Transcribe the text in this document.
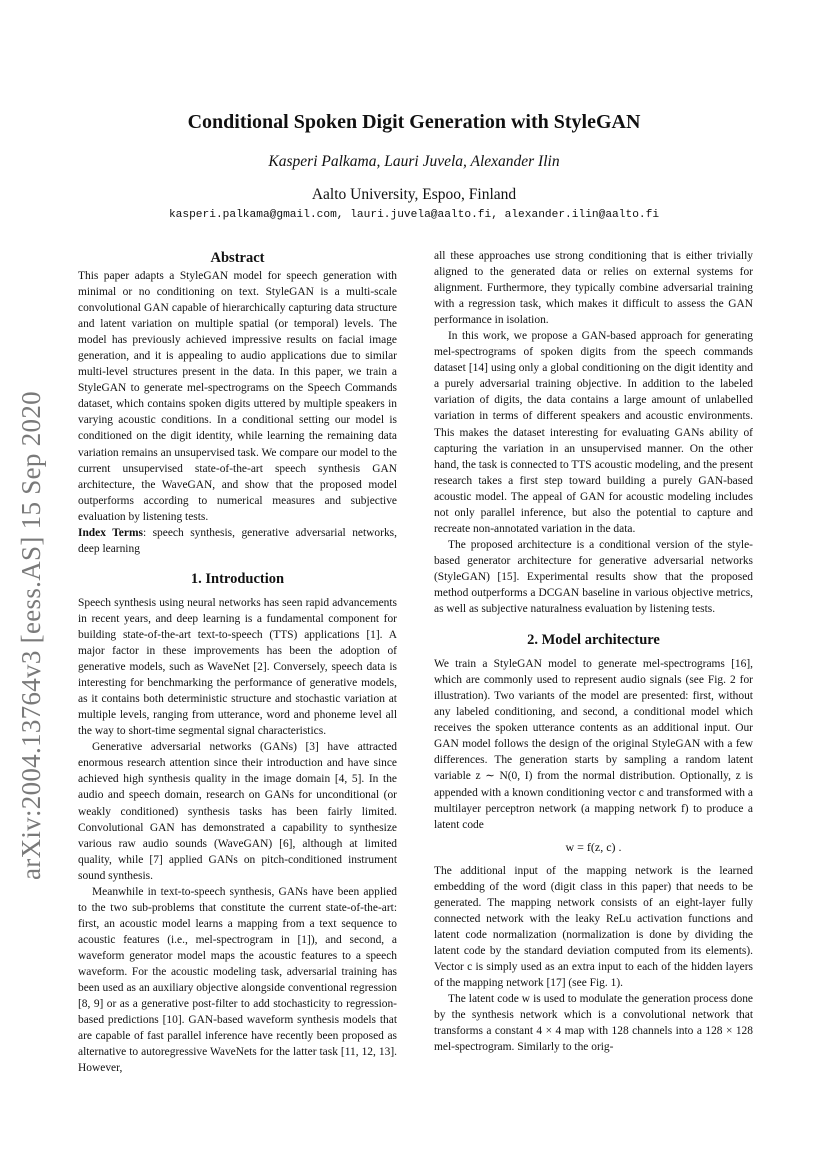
arXiv:2004.13764v3 [eess.AS] 15 Sep 2020
Conditional Spoken Digit Generation with StyleGAN
Kasperi Palkama, Lauri Juvela, Alexander Ilin
Aalto University, Espoo, Finland
kasperi.palkama@gmail.com, lauri.juvela@aalto.fi, alexander.ilin@aalto.fi
Abstract

This paper adapts a StyleGAN model for speech generation with minimal or no conditioning on text. StyleGAN is a multi-scale convolutional GAN capable of hierarchically capturing data structure and latent variation on multiple spatial (or temporal) levels. The model has previously achieved impressive results on facial image generation, and it is appealing to audio applications due to similar multi-level structures present in the data. In this paper, we train a StyleGAN to generate mel-spectrograms on the Speech Commands dataset, which contains spoken digits uttered by multiple speakers in varying acoustic conditions. In a conditional setting our model is conditioned on the digit identity, while learning the remaining data variation remains an unsupervised task. We compare our model to the current unsupervised state-of-the-art speech synthesis GAN architecture, the WaveGAN, and show that the proposed model outperforms according to numerical measures and subjective evaluation by listening tests.

Index Terms: speech synthesis, generative adversarial networks, deep learning

1. Introduction

Speech synthesis using neural networks has seen rapid advancements in recent years, and deep learning is a fundamental component for building state-of-the-art text-to-speech (TTS) applications [1]. A major factor in these improvements has been the adoption of generative models, such as WaveNet [2]. Conversely, speech data is interesting for benchmarking the performance of generative models, as it contains both deterministic structure and stochastic variation at multiple levels, ranging from utterance, word and phoneme level all the way to short-time segmental signal characteristics.

Generative adversarial networks (GANs) [3] have attracted enormous research attention since their introduction and have since achieved high synthesis quality in the image domain [4, 5]. In the audio and speech domain, research on GANs for unconditional (or weakly conditioned) synthesis tasks has been fairly limited. Convolutional GAN has demonstrated a capability to synthesize various raw audio sounds (WaveGAN) [6], although at limited quality, while [7] applied GANs on pitch-conditioned instrument sound synthesis.

Meanwhile in text-to-speech synthesis, GANs have been applied to the two sub-problems that constitute the current state-of-the-art: first, an acoustic model learns a mapping from a text sequence to acoustic features (i.e., mel-spectrogram in [1]), and second, a waveform generator model maps the acoustic features to a speech waveform. For the acoustic modeling task, adversarial training has been used as an auxiliary objective alongside conventional regression [8, 9] or as a generative post-filter to add stochasticity to regression-based predictions [10]. GAN-based waveform synthesis models that are capable of fast parallel inference have recently been proposed as alternative to autoregressive WaveNets for the latter task [11, 12, 13]. However,

all these approaches use strong conditioning that is either trivially aligned to the generated data or relies on external systems for alignment. Furthermore, they typically combine adversarial training with a regression task, which makes it difficult to assess the GAN performance in isolation.

In this work, we propose a GAN-based approach for generating mel-spectrograms of spoken digits from the speech commands dataset [14] using only a global conditioning on the digit identity and a purely adversarial training objective. In addition to the labeled variation of digits, the data contains a large amount of unlabelled variation in terms of different speakers and acoustic environments. This makes the dataset interesting for evaluating GANs ability of capturing the variation in an unsupervised manner. On the other hand, the task is connected to TTS acoustic modeling, and the present research takes a first step toward building a purely GAN-based acoustic model. The appeal of GAN for acoustic modeling includes not only parallel inference, but also the potential to capture and recreate non-annotated variation in the data.

The proposed architecture is a conditional version of the style-based generator architecture for generative adversarial networks (StyleGAN) [15]. Experimental results show that the proposed method outperforms a DCGAN baseline in various objective metrics, as well as subjective naturalness evaluation by listening tests.

2. Model architecture

We train a StyleGAN model to generate mel-spectrograms [16], which are commonly used to represent audio signals (see Fig. 2 for illustration). Two variants of the model are presented: first, without any labeled conditioning, and second, a conditional model which receives the spoken utterance contents as an additional input. Our GAN model follows the design of the original StyleGAN with a few differences. The generation starts by sampling a random latent variable z ∼ N(0, I) from the normal distribution. Optionally, z is appended with a known conditioning vector c and transformed with a multilayer perceptron network (a mapping network f) to produce a latent code

w = f(z, c) .

The additional input of the mapping network is the learned embedding of the word (digit class in this paper) that needs to be generated. The mapping network consists of an eight-layer fully connected network with the leaky ReLu activation functions and latent code normalization (normalization is done by dividing the latent code by the standard deviation computed from its elements). Vector c is simply used as an extra input to each of the hidden layers of the mapping network [17] (see Fig. 1).

The latent code w is used to modulate the generation process done by the synthesis network which is a convolutional network that transforms a constant 4 × 4 map with 128 channels into a 128 × 128 mel-spectrogram. Similarly to the orig-
